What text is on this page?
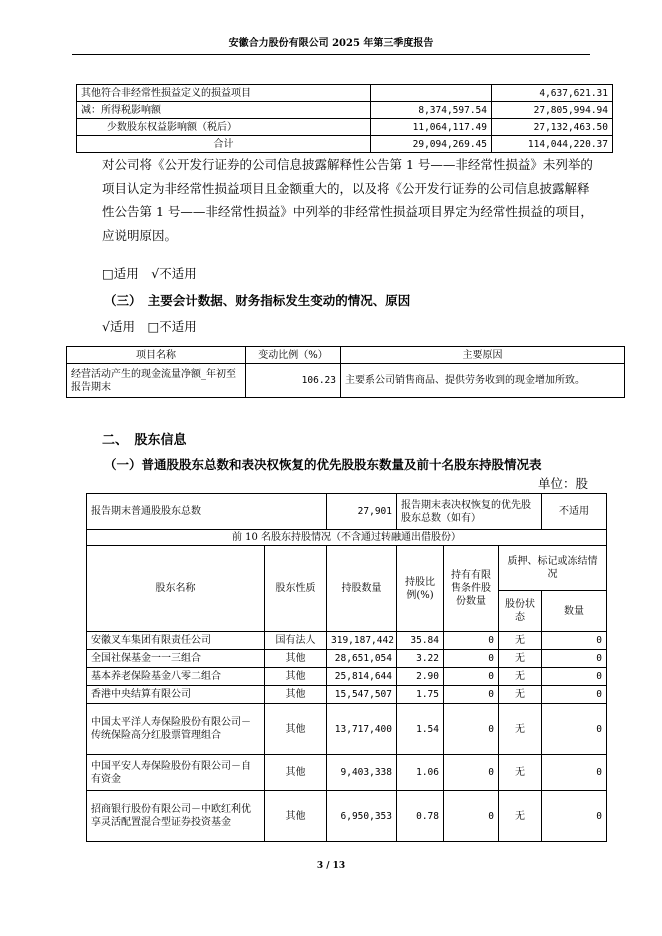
安徽合力股份有限公司 2025 年第三季度报告
其他符合非经常性损益定义的损益项目		4,637,621.31
减：所得税影响额	8,374,597.54	27,805,994.94
少数股东权益影响额（税后）	11,064,117.49	27,132,463.50
合计	29,094,269.45	114,044,220.37
对公司将《公开发行证券的公司信息披露解释性公告第 1 号——非经常性损益》未列举的项目认定为非经常性损益项目且金额重大的，以及将《公开发行证券的公司信息披露解释性公告第 1 号——非经常性损益》中列举的非经常性损益项目界定为经常性损益的项目，应说明原因。
□适用　√不适用
（三）　主要会计数据、财务指标发生变动的情况、原因
√适用　□不适用
项目名称	变动比例（%）	主要原因
经营活动产生的现金流量净额_年初至报告期末	106.23	主要系公司销售商品、提供劳务收到的现金增加所致。
二、　股东信息
（一）普通股股东总数和表决权恢复的优先股股东数量及前十名股东持股情况表
单位：股
报告期末普通股股东总数		27,901	报告期末表决权恢复的优先股股东总数（如有）			不适用
前 10 名股东持股情况（不含通过转融通出借股份）						
股东名称	股东性质	持股数量	持股比例(%)	持有有限售条件股份数量	质押、标记或冻结情况	
					股份状态	数量
安徽叉车集团有限责任公司	国有法人	319,187,442	35.84	0	无	0
全国社保基金一一三组合	其他	28,651,054	3.22	0	无	0
基本养老保险基金八零二组合	其他	25,814,644	2.90	0	无	0
香港中央结算有限公司	其他	15,547,507	1.75	0	无	0
中国太平洋人寿保险股份有限公司－传统保险高分红股票管理组合	其他	13,717,400	1.54	0	无	0
中国平安人寿保险股份有限公司－自有资金	其他	9,403,338	1.06	0	无	0
招商银行股份有限公司－中欧红利优享灵活配置混合型证券投资基金	其他	6,950,353	0.78	0	无	0
3 / 13
